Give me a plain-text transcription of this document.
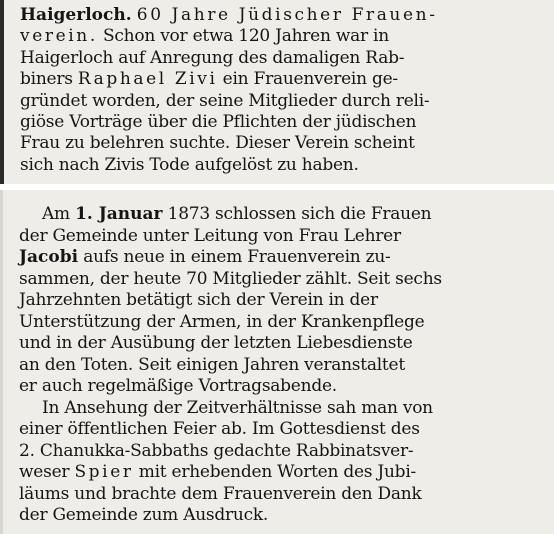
Haigerloch. 60 Jahre Jüdischer Frauen-
verein. Schon vor etwa 120 Jahren war in
Haigerloch auf Anregung des damaligen Rab-
biners Raphael Zivi ein Frauenverein ge-
gründet worden, der seine Mitglieder durch reli-
giöse Vorträge über die Pflichten der jüdischen
Frau zu belehren suchte. Dieser Verein scheint
sich nach Zivis Tode aufgelöst zu haben.
Am 1. Januar 1873 schlossen sich die Frauen
der Gemeinde unter Leitung von Frau Lehrer
Jacobi aufs neue in einem Frauenverein zu-
sammen, der heute 70 Mitglieder zählt. Seit sechs
Jahrzehnten betätigt sich der Verein in der
Unterstützung der Armen, in der Krankenpflege
und in der Ausübung der letzten Liebesdienste
an den Toten. Seit einigen Jahren veranstaltet
er auch regelmäßige Vortragsabende.
In Ansehung der Zeitverhältnisse sah man von
einer öffentlichen Feier ab. Im Gottesdienst des
2. Chanukka-Sabbaths gedachte Rabbinatsver-
weser Spier mit erhebenden Worten des Jubi-
läums und brachte dem Frauenverein den Dank
der Gemeinde zum Ausdruck.
